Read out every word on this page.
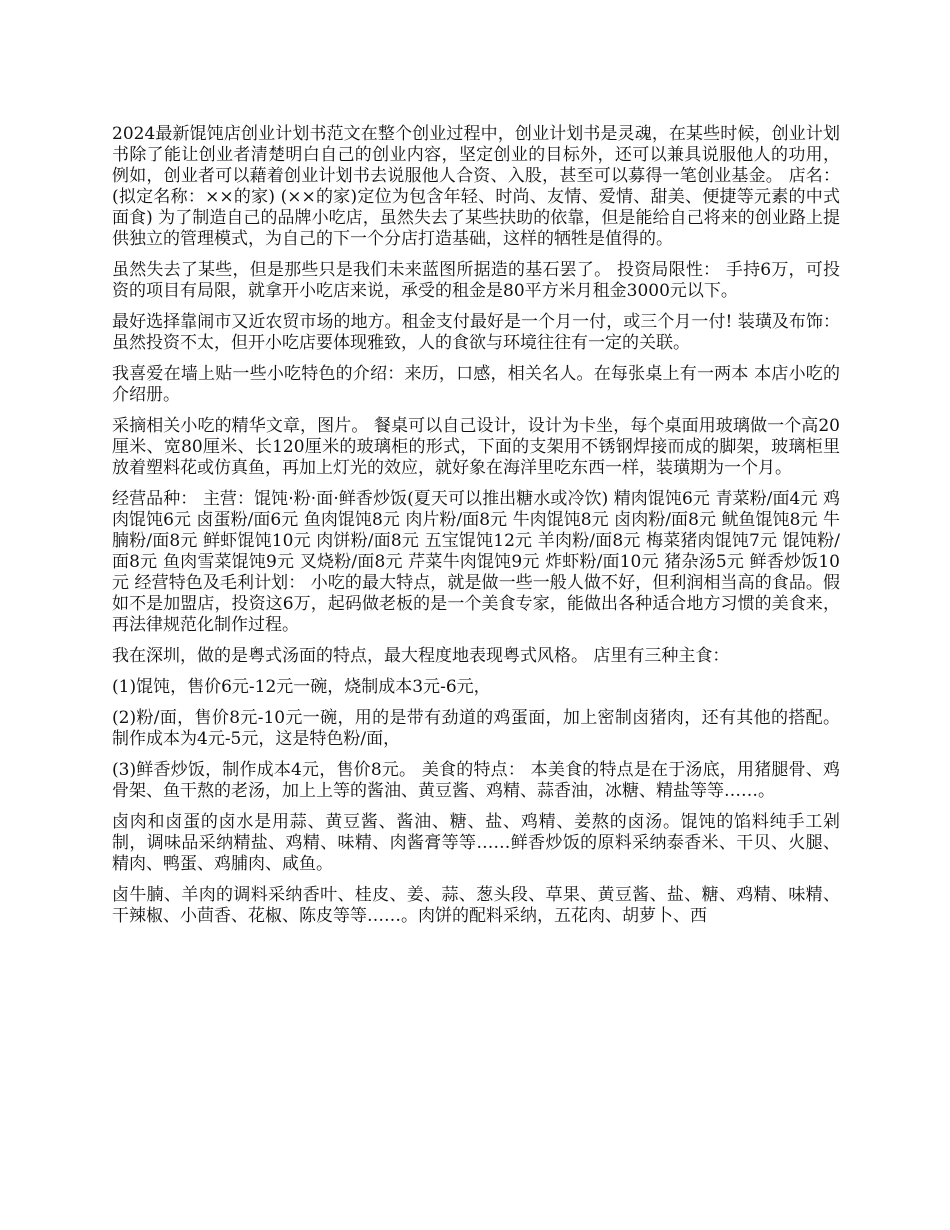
2024最新馄饨店创业计划书范文在整个创业过程中，创业计划书是灵魂，在某些时候，创业计划书除了能让创业者清楚明白自己的创业内容，坚定创业的目标外，还可以兼具说服他人的功用，例如，创业者可以藉着创业计划书去说服他人合资、入股，甚至可以募得一笔创业基金。 店名：(拟定名称：××的家) (××的家)定位为包含年轻、时尚、友情、爱情、甜美、便捷等元素的中式面食) 为了制造自己的品牌小吃店，虽然失去了某些扶助的依靠，但是能给自己将来的创业路上提供独立的管理模式，为自己的下一个分店打造基础，这样的牺牲是值得的。

虽然失去了某些，但是那些只是我们未来蓝图所据造的基石罢了。 投资局限性： 手持6万，可投资的项目有局限，就拿开小吃店来说，承受的租金是80平方米月租金3000元以下。

最好选择靠闹市又近农贸市场的地方。租金支付最好是一个月一付，或三个月一付! 装璜及布饰： 虽然投资不太，但开小吃店要体现雅致，人的食欲与环境往往有一定的关联。

我喜爱在墙上贴一些小吃特色的介绍：来历，口感，相关名人。在每张桌上有一两本 本店小吃的介绍册。

采摘相关小吃的精华文章，图片。 餐桌可以自己设计，设计为卡坐，每个桌面用玻璃做一个高20厘米、宽80厘米、长120厘米的玻璃柜的形式，下面的支架用不锈钢焊接而成的脚架，玻璃柜里放着塑料花或仿真鱼，再加上灯光的效应，就好象在海洋里吃东西一样，装璜期为一个月。

经营品种： 主营：馄饨·粉·面·鲜香炒饭(夏天可以推出糖水或冷饮) 精肉馄饨6元 青菜粉/面4元 鸡肉馄饨6元 卤蛋粉/面6元 鱼肉馄饨8元 肉片粉/面8元 牛肉馄饨8元 卤肉粉/面8元 鱿鱼馄饨8元 牛腩粉/面8元 鲜虾馄饨10元 肉饼粉/面8元 五宝馄饨12元 羊肉粉/面8元 梅菜猪肉馄饨7元 馄饨粉/面8元 鱼肉雪菜馄饨9元 叉烧粉/面8元 芹菜牛肉馄饨9元 炸虾粉/面10元 猪杂汤5元 鲜香炒饭10元 经营特色及毛利计划： 小吃的最大特点，就是做一些一般人做不好，但利润相当高的食品。假如不是加盟店，投资这6万，起码做老板的是一个美食专家，能做出各种适合地方习惯的美食来，再法律规范化制作过程。

我在深圳，做的是粤式汤面的特点，最大程度地表现粤式风格。 店里有三种主食：

(1)馄饨，售价6元-12元一碗，烧制成本3元-6元，

(2)粉/面，售价8元-10元一碗，用的是带有劲道的鸡蛋面，加上密制卤猪肉，还有其他的搭配。制作成本为4元-5元，这是特色粉/面，

(3)鲜香炒饭，制作成本4元，售价8元。 美食的特点： 本美食的特点是在于汤底，用猪腿骨、鸡骨架、鱼干熬的老汤，加上上等的酱油、黄豆酱、鸡精、蒜香油，冰糖、精盐等等……。

卤肉和卤蛋的卤水是用蒜、黄豆酱、酱油、糖、盐、鸡精、姜熬的卤汤。馄饨的馅料纯手工剁制，调味品采纳精盐、鸡精、味精、肉酱膏等等……鲜香炒饭的原料采纳泰香米、干贝、火腿、精肉、鸭蛋、鸡脯肉、咸鱼。

卤牛腩、羊肉的调料采纳香叶、桂皮、姜、蒜、葱头段、草果、黄豆酱、盐、糖、鸡精、味精、干辣椒、小茴香、花椒、陈皮等等……。肉饼的配料采纳，五花肉、胡萝卜、西
